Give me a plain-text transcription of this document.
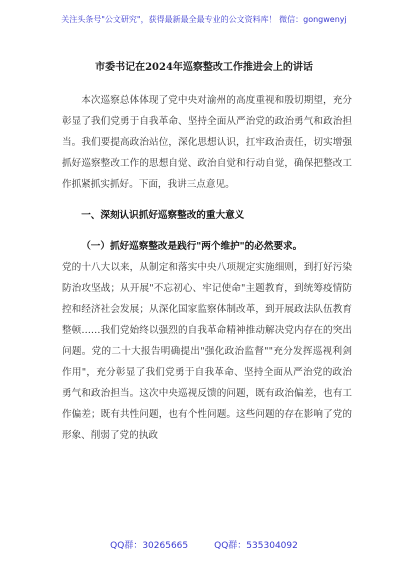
关注头条号"公文研究"，获得最新最全最专业的公文资料库！ 微信：gongwenyj
市委书记在2024年巡察整改工作推进会上的讲话

本次巡察总体体现了党中央对渝州的高度重视和殷切期望，充分彰显了我们党勇于自我革命、坚持全面从严治党的政治勇气和政治担当。我们要提高政治站位，深化思想认识，扛牢政治责任，切实增强抓好巡察整改工作的思想自觉、政治自觉和行动自觉，确保把整改工作抓紧抓实抓好。下面，我讲三点意见。

一、深刻认识抓好巡察整改的重大意义

（一）抓好巡察整改是践行"两个维护"的必然要求。

党的十八大以来，从制定和落实中央八项规定实施细则，到打好污染防治攻坚战；从开展"不忘初心、牢记使命"主题教育，到统筹疫情防控和经济社会发展；从深化国家监察体制改革，到开展政法队伍教育整顿……我们党始终以强烈的自我革命精神推动解决党内存在的突出问题。党的二十大报告明确提出"强化政治监督""充分发挥巡视利剑作用"，充分彰显了我们党勇于自我革命、坚持全面从严治党的政治勇气和政治担当。这次中央巡视反馈的问题，既有政治偏差，也有工作偏差；既有共性问题，也有个性问题。这些问题的存在影响了党的形象、削弱了党的执政

QQ群：30265665	QQ群：535304092
